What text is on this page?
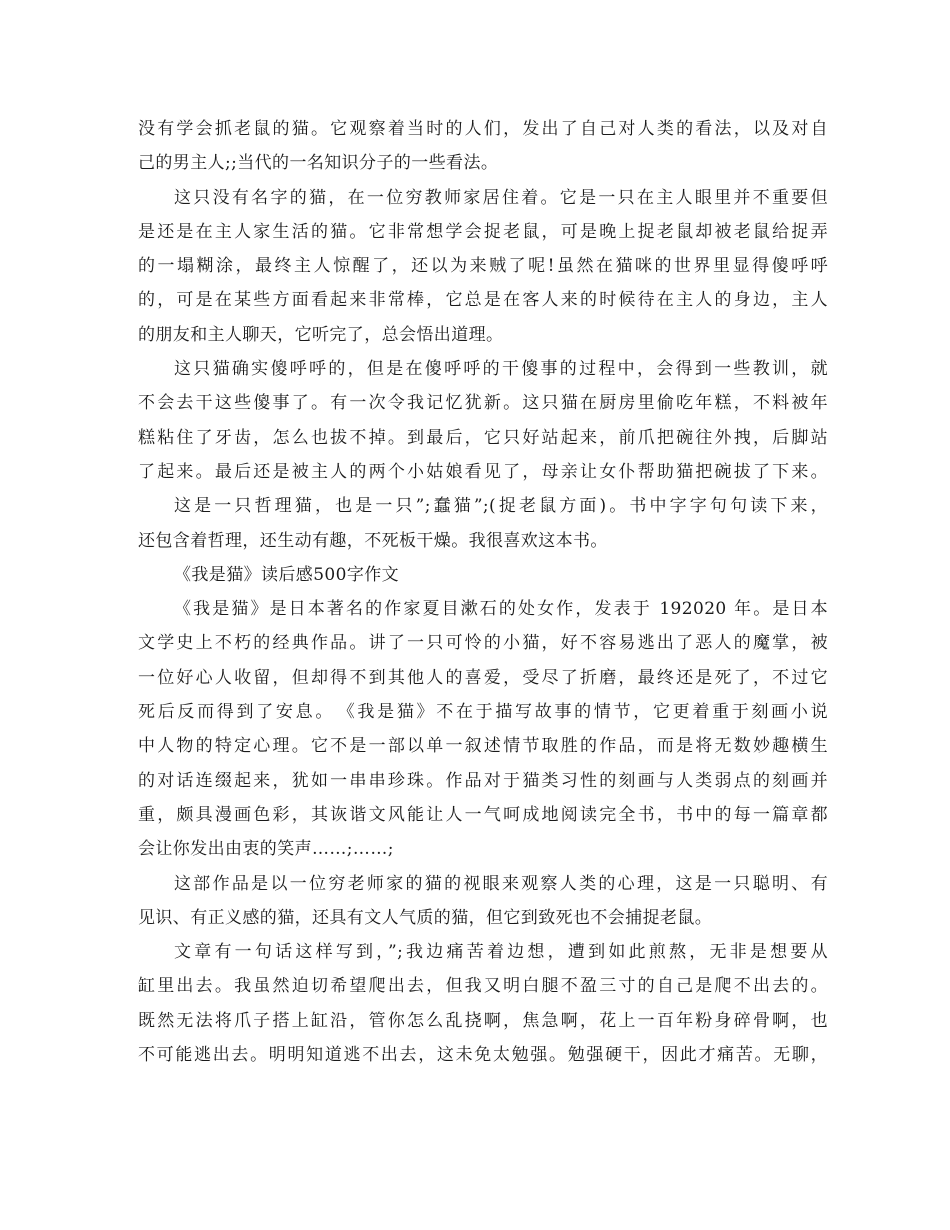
没有学会抓老鼠的猫。它观察着当时的人们，发出了自己对人类的看法，以及对自
己的男主人;;当代的一名知识分子的一些看法。
这只没有名字的猫，在一位穷教师家居住着。它是一只在主人眼里并不重要但
是还是在主人家生活的猫。它非常想学会捉老鼠，可是晚上捉老鼠却被老鼠给捉弄
的一塌糊涂，最终主人惊醒了，还以为来贼了呢!虽然在猫咪的世界里显得傻呼呼
的，可是在某些方面看起来非常棒，它总是在客人来的时候待在主人的身边，主人
的朋友和主人聊天，它听完了，总会悟出道理。
这只猫确实傻呼呼的，但是在傻呼呼的干傻事的过程中，会得到一些教训，就
不会去干这些傻事了。有一次令我记忆犹新。这只猫在厨房里偷吃年糕，不料被年
糕粘住了牙齿，怎么也拔不掉。到最后，它只好站起来，前爪把碗往外拽，后脚站
了起来。最后还是被主人的两个小姑娘看见了，母亲让女仆帮助猫把碗拔了下来。
这是一只哲理猫，也是一只”;蠢猫”;(捉老鼠方面)。书中字字句句读下来，
还包含着哲理，还生动有趣，不死板干燥。我很喜欢这本书。
《我是猫》读后感500字作文
《我是猫》是日本著名的作家夏目漱石的处女作，发表于 192020 年。是日本
文学史上不朽的经典作品。讲了一只可怜的小猫，好不容易逃出了恶人的魔掌，被
一位好心人收留，但却得不到其他人的喜爱，受尽了折磨，最终还是死了，不过它
死后反而得到了安息。　《我是猫》不在于描写故事的情节，它更着重于刻画小说
中人物的特定心理。它不是一部以单一叙述情节取胜的作品，而是将无数妙趣横生
的对话连缀起来，犹如一串串珍珠。作品对于猫类习性的刻画与人类弱点的刻画并
重，颇具漫画色彩，其诙谐文风能让人一气呵成地阅读完全书，书中的每一篇章都
会让你发出由衷的笑声……;……;
这部作品是以一位穷老师家的猫的视眼来观察人类的心理，这是一只聪明、有
见识、有正义感的猫，还具有文人气质的猫，但它到致死也不会捕捉老鼠。
文章有一句话这样写到，”;我边痛苦着边想，遭到如此煎熬，无非是想要从
缸里出去。我虽然迫切希望爬出去，但我又明白腿不盈三寸的自己是爬不出去的。
既然无法将爪子搭上缸沿，管你怎么乱挠啊，焦急啊，花上一百年粉身碎骨啊，也
不可能逃出去。明明知道逃不出去，这未免太勉强。勉强硬干，因此才痛苦。无聊，
